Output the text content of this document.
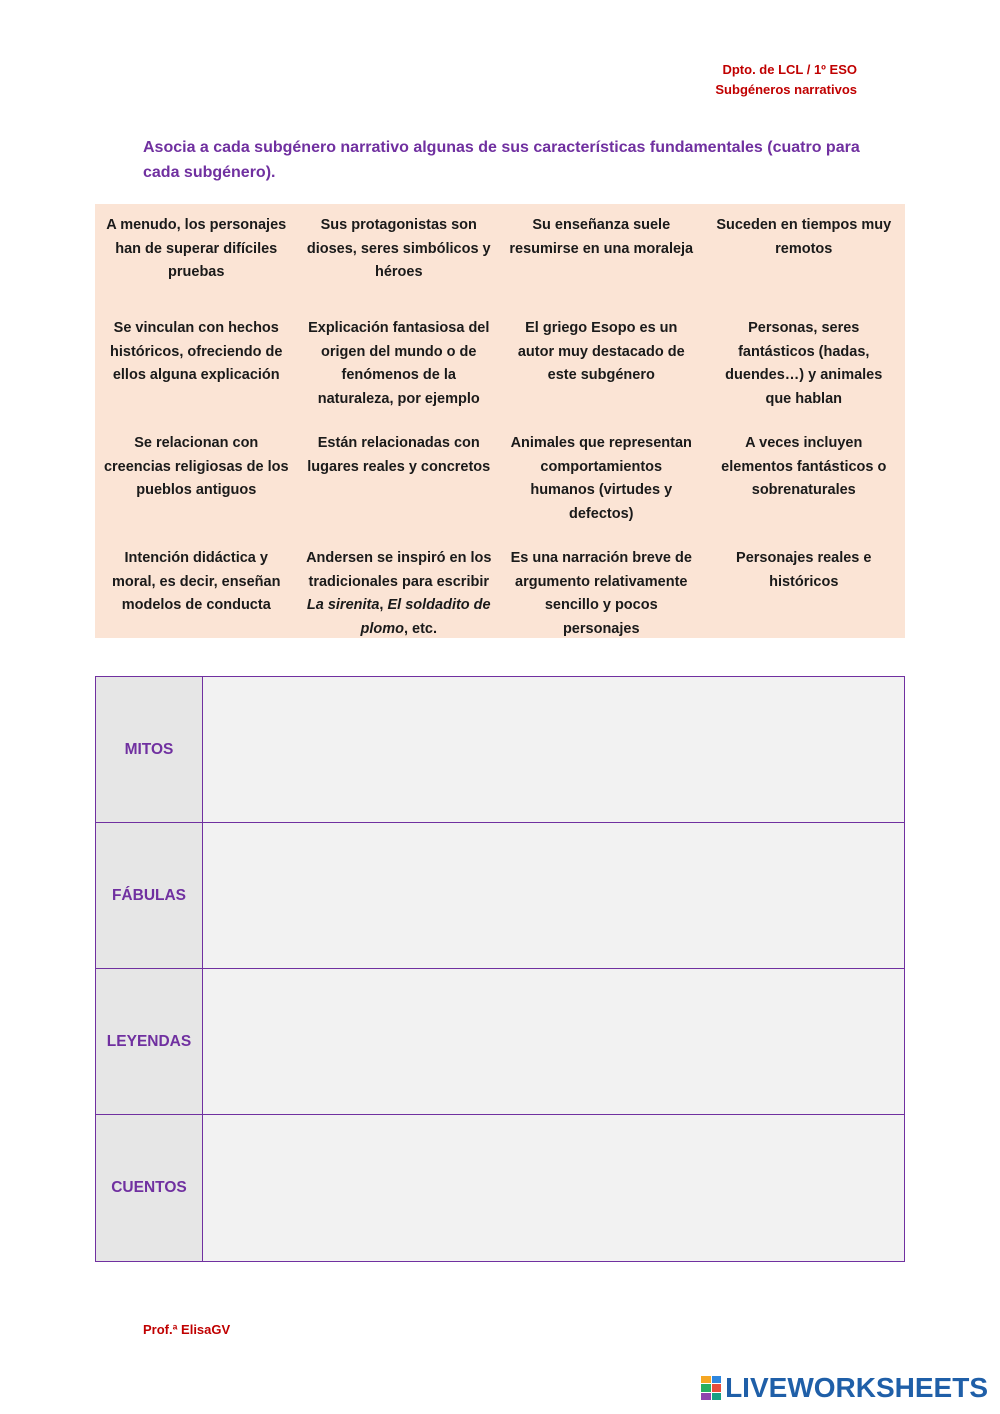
Dpto. de LCL / 1º ESO
Subgéneros narrativos
Asocia a cada subgénero narrativo algunas de sus características fundamentales (cuatro para cada subgénero).
A menudo, los personajes han de superar difíciles pruebas
Sus protagonistas son dioses, seres simbólicos y héroes
Su enseñanza suele resumirse en una moraleja
Suceden en tiempos muy remotos
Se vinculan con hechos históricos, ofreciendo de ellos alguna explicación
Explicación fantasiosa del origen del mundo o de fenómenos de la naturaleza, por ejemplo
El griego Esopo es un autor muy destacado de este subgénero
Personas, seres fantásticos (hadas, duendes…) y animales que hablan
Se relacionan con creencias religiosas de los pueblos antiguos
Están relacionadas con lugares reales y concretos
Animales que representan comportamientos humanos (virtudes y defectos)
A veces incluyen elementos fantásticos o sobrenaturales
Intención didáctica y moral, es decir, enseñan modelos de conducta
Andersen se inspiró en los tradicionales para escribir La sirenita, El soldadito de plomo, etc.
Es una narración breve de argumento relativamente sencillo y pocos personajes
Personajes reales e históricos
MITOS
FÁBULAS
LEYENDAS
CUENTOS
Prof.ª ElisaGV
LIVEWORKSHEETS
